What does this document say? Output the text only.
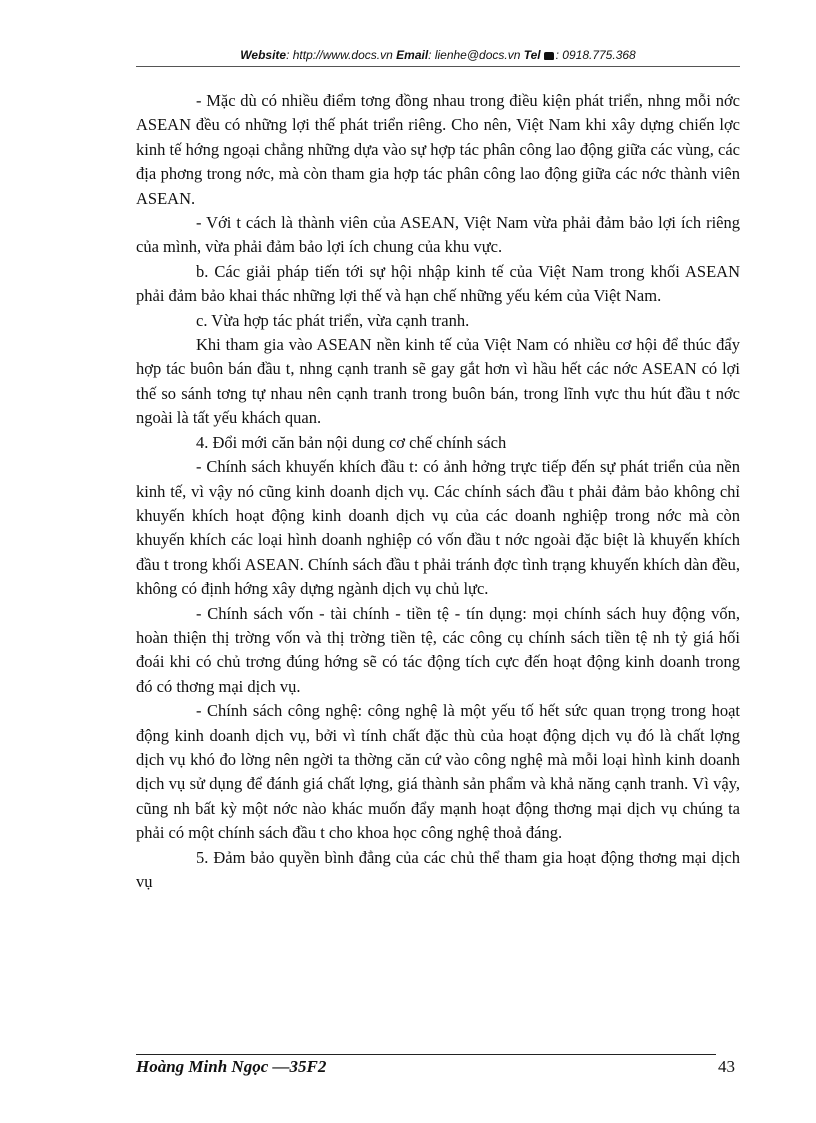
Website: http://www.docs.vn Email: lienhe@docs.vn Tel : 0918.775.368

- Mặc dù có nhiều điểm tơng đồng nhau trong điều kiện phát triển, nhng mỗi nớc ASEAN đều có những lợi thế phát triển riêng. Cho nên, Việt Nam khi xây dựng chiến lợc kinh tế hớng ngoại chẳng những dựa vào sự hợp tác phân công lao động giữa các vùng, các địa phơng trong nớc, mà còn tham gia hợp tác phân công lao động giữa các nớc thành viên ASEAN.

- Với t cách là thành viên của ASEAN, Việt Nam vừa phải đảm bảo lợi ích riêng của mình, vừa phải đảm bảo lợi ích chung của khu vực.

b. Các giải pháp tiến tới sự hội nhập kinh tế của Việt Nam trong khối ASEAN phải đảm bảo khai thác những lợi thế và hạn chế những yếu kém của Việt Nam.

c. Vừa hợp tác phát triển, vừa cạnh tranh.

Khi tham gia vào ASEAN nền kinh tế của Việt Nam có nhiều cơ hội để thúc đẩy hợp tác buôn bán đầu t, nhng cạnh tranh sẽ gay gắt hơn vì hầu hết các nớc ASEAN có lợi thế so sánh tơng tự nhau nên cạnh tranh trong buôn bán, trong lĩnh vực thu hút đầu t nớc ngoài là tất yếu khách quan.

4. Đổi mới căn bản nội dung cơ chế chính sách

- Chính sách khuyến khích đầu t: có ảnh hởng trực tiếp đến sự phát triển của nền kinh tế, vì vậy nó cũng kinh doanh dịch vụ. Các chính sách đầu t phải đảm bảo không chỉ khuyến khích hoạt động kinh doanh dịch vụ của các doanh nghiệp trong nớc mà còn khuyến khích các loại hình doanh nghiệp có vốn đầu t nớc ngoài đặc biệt là khuyến khích đầu t trong khối ASEAN. Chính sách đầu t phải tránh đợc tình trạng khuyến khích dàn đều, không có định hớng xây dựng ngành dịch vụ chủ lực.

- Chính sách vốn - tài chính - tiền tệ - tín dụng: mọi chính sách huy động vốn, hoàn thiện thị trờng vốn và thị trờng tiền tệ, các công cụ chính sách tiền tệ nh tỷ giá hối đoái khi có chủ trơng đúng hớng sẽ có tác động tích cực đến hoạt động kinh doanh trong đó có thơng mại dịch vụ.

- Chính sách công nghệ: công nghệ là một yếu tố hết sức quan trọng trong hoạt động kinh doanh dịch vụ, bởi vì tính chất đặc thù của hoạt động dịch vụ đó là chất lợng dịch vụ khó đo lờng nên ngời ta thờng căn cứ vào công nghệ mà mỗi loại hình kinh doanh dịch vụ sử dụng để đánh giá chất lợng, giá thành sản phẩm và khả năng cạnh tranh. Vì vậy, cũng nh bất kỳ một nớc nào khác muốn đẩy mạnh hoạt động thơng mại dịch vụ chúng ta phải có một chính sách đầu t cho khoa học công nghệ thoả đáng.

5. Đảm bảo quyền bình đẳng của các chủ thể tham gia hoạt động thơng mại dịch vụ

Hoàng Minh Ngọc —35F2	43
